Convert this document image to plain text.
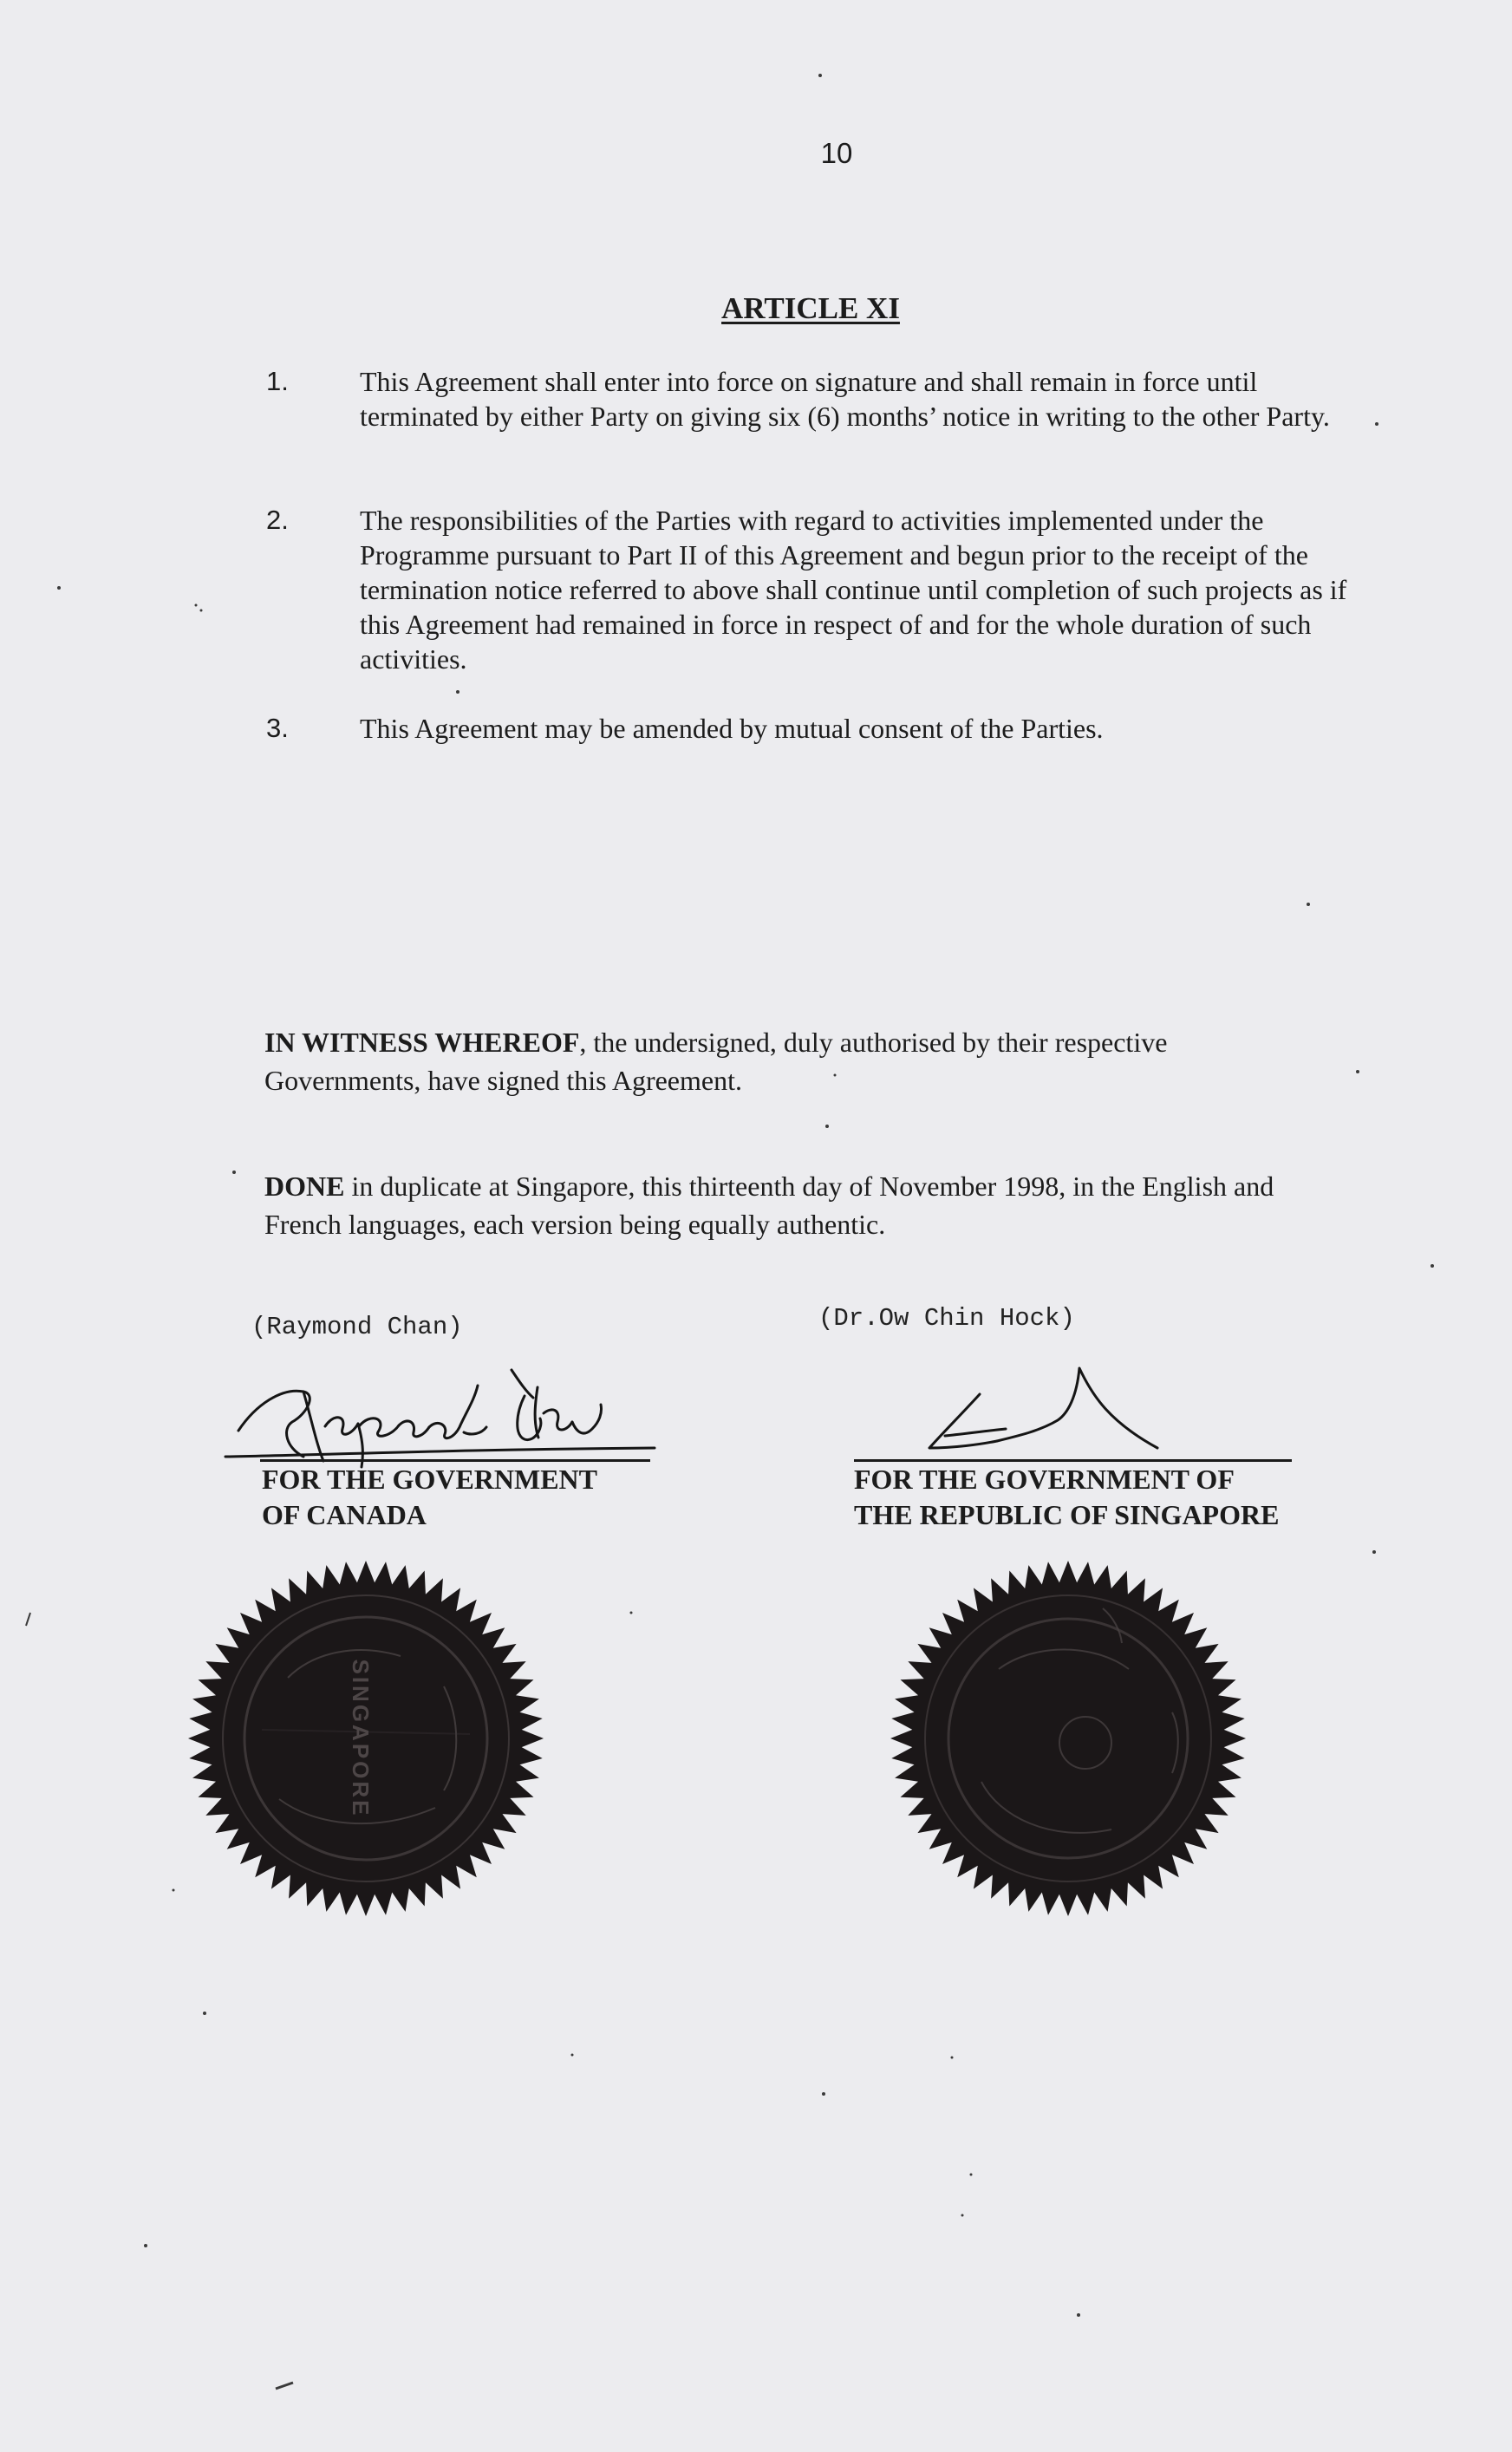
10
ARTICLE XI
1.	This Agreement shall enter into force on signature and shall remain in force until terminated by either Party on giving six (6) months’ notice in writing to the other Party.
2.	The responsibilities of the Parties with regard to activities implemented under the Programme pursuant to Part II of this Agreement and begun prior to the receipt of the termination notice referred to above shall continue until completion of such projects as if this Agreement had remained in force in respect of and for the whole duration of such activities.
3.	This Agreement may be amended by mutual consent of the Parties.
IN WITNESS WHEREOF, the undersigned, duly authorised by their respective Governments, have signed this Agreement.
DONE in duplicate at Singapore, this thirteenth day of November 1998, in the English and French languages, each version being equally authentic.
(Raymond Chan)	(Dr.Ow Chin Hock)
FOR THE GOVERNMENT
OF CANADA
FOR THE GOVERNMENT OF
THE REPUBLIC OF SINGAPORE
SINGAPORE
